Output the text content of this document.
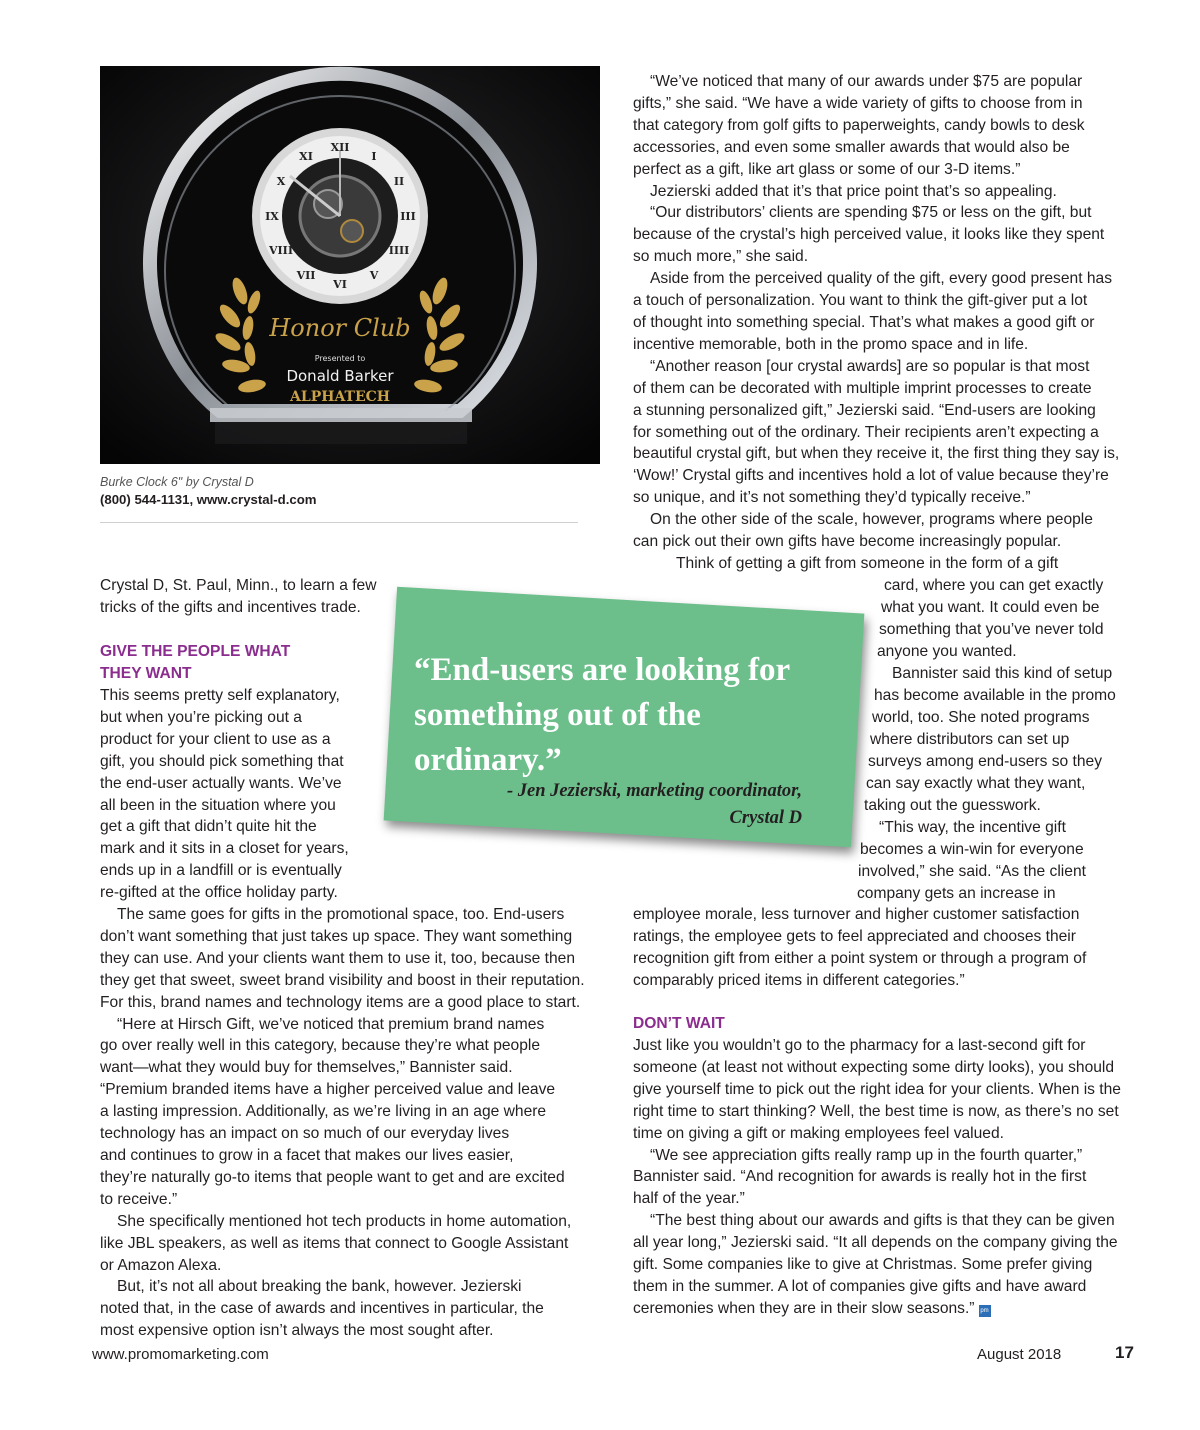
XII
I
II
III
IIII
V
VI
VII
VIII
IX
X
XI
Honor Club
Presented to
Donald Barker
ALPHATECH
Burke Clock 6" by Crystal D
(800) 544-1131, www.crystal-d.com
Crystal D, St. Paul, Minn., to learn a few
tricks of the gifts and incentives trade.
GIVE THE PEOPLE WHAT
THEY WANT
This seems pretty self explanatory,
but when you’re picking out a
product for your client to use as a
gift, you should pick something that
the end-user actually wants. We’ve
all been in the situation where you
get a gift that didn’t quite hit the
mark and it sits in a closet for years,
ends up in a landfill or is eventually
re-gifted at the office holiday party.

The same goes for gifts in the promotional space, too. End-users
don’t want something that just takes up space. They want something
they can use. And your clients want them to use it, too, because then
they get that sweet, sweet brand visibility and boost in their reputation.
For this, brand names and technology items are a good place to start.

“Here at Hirsch Gift, we’ve noticed that premium brand names
go over really well in this category, because they’re what people
want—what they would buy for themselves,” Bannister said.
“Premium branded items have a higher perceived value and leave
a lasting impression. Additionally, as we’re living in an age where
technology has an impact on so much of our everyday lives
and continues to grow in a facet that makes our lives easier,
they’re naturally go-to items that people want to get and are excited
to receive.”

She specifically mentioned hot tech products in home automation,
like JBL speakers, as well as items that connect to Google Assistant
or Amazon Alexa.

But, it’s not all about breaking the bank, however. Jezierski
noted that, in the case of awards and incentives in particular, the
most expensive option isn’t always the most sought after.

“We’ve noticed that many of our awards under $75 are popular
gifts,” she said. “We have a wide variety of gifts to choose from in
that category from golf gifts to paperweights, candy bowls to desk
accessories, and even some smaller awards that would also be
perfect as a gift, like art glass or some of our 3-D items.”

Jezierski added that it’s that price point that’s so appealing.

“Our distributors’ clients are spending $75 or less on the gift, but
because of the crystal’s high perceived value, it looks like they spent
so much more,” she said.

Aside from the perceived quality of the gift, every good present has
a touch of personalization. You want to think the gift-giver put a lot
of thought into something special. That’s what makes a good gift or
incentive memorable, both in the promo space and in life.

“Another reason [our crystal awards] are so popular is that most
of them can be decorated with multiple imprint processes to create
a stunning personalized gift,” Jezierski said. “End-users are looking
for something out of the ordinary. Their recipients aren’t expecting a
beautiful crystal gift, but when they receive it, the first thing they say is,
‘Wow!’ Crystal gifts and incentives hold a lot of value because they’re
so unique, and it’s not something they’d typically receive.”

On the other side of the scale, however, programs where people
can pick out their own gifts have become increasingly popular.

Think of getting a gift from someone in the form of a gift
card, where you can get exactly
what you want. It could even be
something that you’ve never told
anyone you wanted.
Bannister said this kind of setup
has become available in the promo
world, too. She noted programs
where distributors can set up
surveys among end-users so they
can say exactly what they want,
taking out the guesswork.
“This way, the incentive gift
becomes a win-win for everyone
involved,” she said. “As the client
company gets an increase in
employee morale, less turnover and higher customer satisfaction
ratings, the employee gets to feel appreciated and chooses their
recognition gift from either a point system or through a program of
comparably priced items in different categories.”
DON’T WAIT

Just like you wouldn’t go to the pharmacy for a last-second gift for
someone (at least not without expecting some dirty looks), you should
give yourself time to pick out the right idea for your clients. When is the
right time to start thinking? Well, the best time is now, as there’s no set
time on giving a gift or making employees feel valued.

“We see appreciation gifts really ramp up in the fourth quarter,”
Bannister said. “And recognition for awards is really hot in the first
half of the year.”

“The best thing about our awards and gifts is that they can be given
all year long,” Jezierski said. “It all depends on the company giving the
gift. Some companies like to give at Christmas. Some prefer giving
them in the summer. A lot of companies give gifts and have award
ceremonies when they are in their slow seasons.” pm

“End-users are looking for something out of the ordinary.”
- Jen Jezierski, marketing coordinator,
Crystal D
www.promomarketing.com	August 2018	17
